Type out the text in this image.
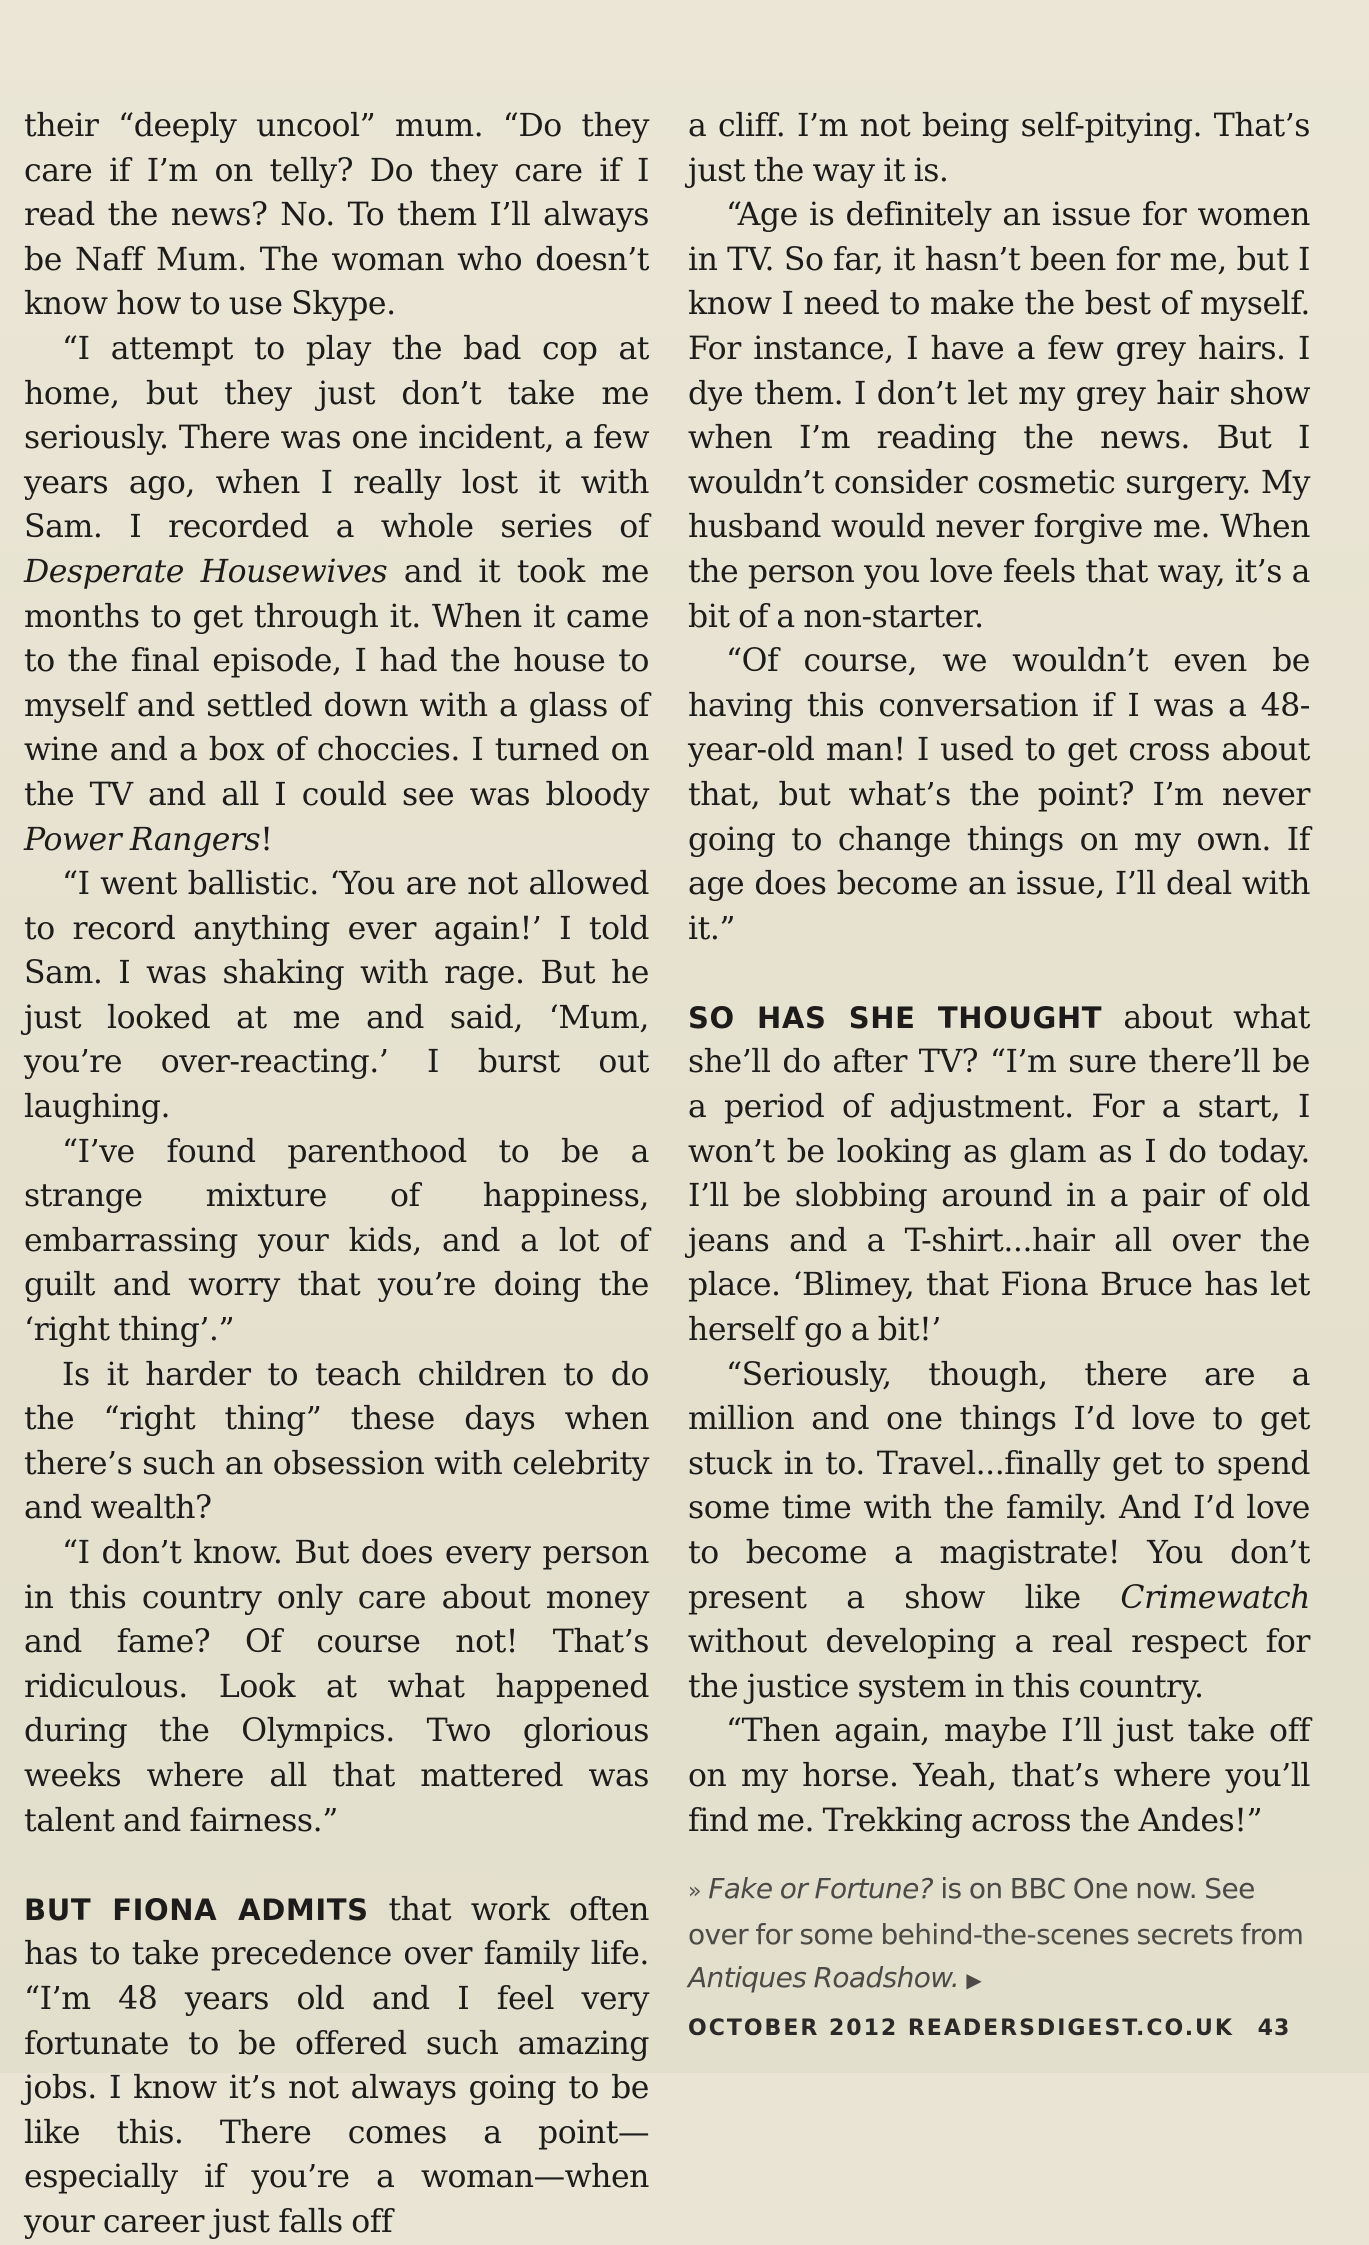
their “deeply uncool” mum. “Do they care if I’m on telly? Do they care if I read the news? No. To them I’ll always be Naff Mum. The woman who doesn’t know how to use Skype.

“I attempt to play the bad cop at home, but they just don’t take me seriously. There was one incident, a few years ago, when I really lost it with Sam. I recorded a whole series of Desperate Housewives and it took me months to get through it. When it came to the final episode, I had the house to myself and settled down with a glass of wine and a box of choccies. I turned on the TV and all I could see was bloody Power Rangers!

“I went ballistic. ‘You are not allowed to record anything ever again!’ I told Sam. I was shaking with rage. But he just looked at me and said, ‘Mum, you’re over-reacting.’ I burst out laughing.

“I’ve found parenthood to be a strange mixture of happiness, embarrassing your kids, and a lot of guilt and worry that you’re doing the ‘right thing’.”

Is it harder to teach children to do the “right thing” these days when there’s such an obsession with celebrity and wealth?

“I don’t know. But does every person in this country only care about money and fame? Of course not! That’s ridiculous. Look at what happened during the Olympics. Two glorious weeks where all that mattered was talent and fairness.”

BUT FIONA ADMITS that work often has to take precedence over family life. “I’m 48 years old and I feel very fortunate to be offered such amazing jobs. I know it’s not always going to be like this. There comes a point—especially if you’re a woman—when your career just falls off

a cliff. I’m not being self-pitying. That’s just the way it is.

“Age is definitely an issue for women in TV. So far, it hasn’t been for me, but I know I need to make the best of myself. For instance, I have a few grey hairs. I dye them. I don’t let my grey hair show when I’m reading the news. But I wouldn’t consider cosmetic surgery. My husband would never forgive me. When the person you love feels that way, it’s a bit of a non-starter.

“Of course, we wouldn’t even be having this conversation if I was a 48-year-old man! I used to get cross about that, but what’s the point? I’m never going to change things on my own. If age does become an issue, I’ll deal with it.”

SO HAS SHE THOUGHT about what she’ll do after TV? “I’m sure there’ll be a period of adjustment. For a start, I won’t be looking as glam as I do today. I’ll be slobbing around in a pair of old jeans and a T-shirt...hair all over the place. ‘Blimey, that Fiona Bruce has let herself go a bit!’

“Seriously, though, there are a million and one things I’d love to get stuck in to. Travel...finally get to spend some time with the family. And I’d love to become a magistrate! You don’t present a show like Crimewatch without developing a real respect for the justice system in this country.

“Then again, maybe I’ll just take off on my horse. Yeah, that’s where you’ll find me. Trekking across the Andes!”

» Fake or Fortune? is on BBC One now. See over for some behind-the-scenes secrets from Antiques Roadshow. ▶
OCTOBER 2012 READERSDIGEST.CO.UK 43
